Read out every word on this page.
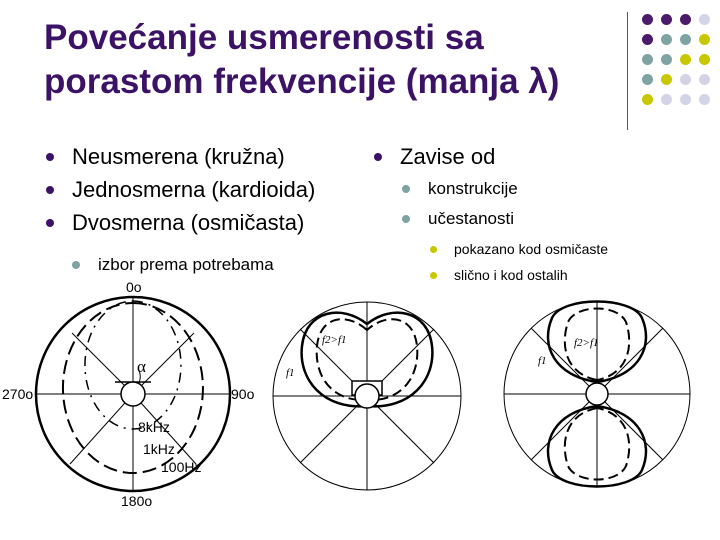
Povećanje usmerenosti sa
porastom frekvencije (manja λ)
Neusmerena (kružna)
Jednosmerna (kardioida)
Dvosmerna (osmičasta)
izbor prema potrebama
Zavise od
konstrukcije
učestanosti
pokazano kod osmičaste
slično i kod ostalih
0o
270o	90o
180o
α
8kHz
1kHz
100Hz
f2>f1
f1
f2>f1
f1
